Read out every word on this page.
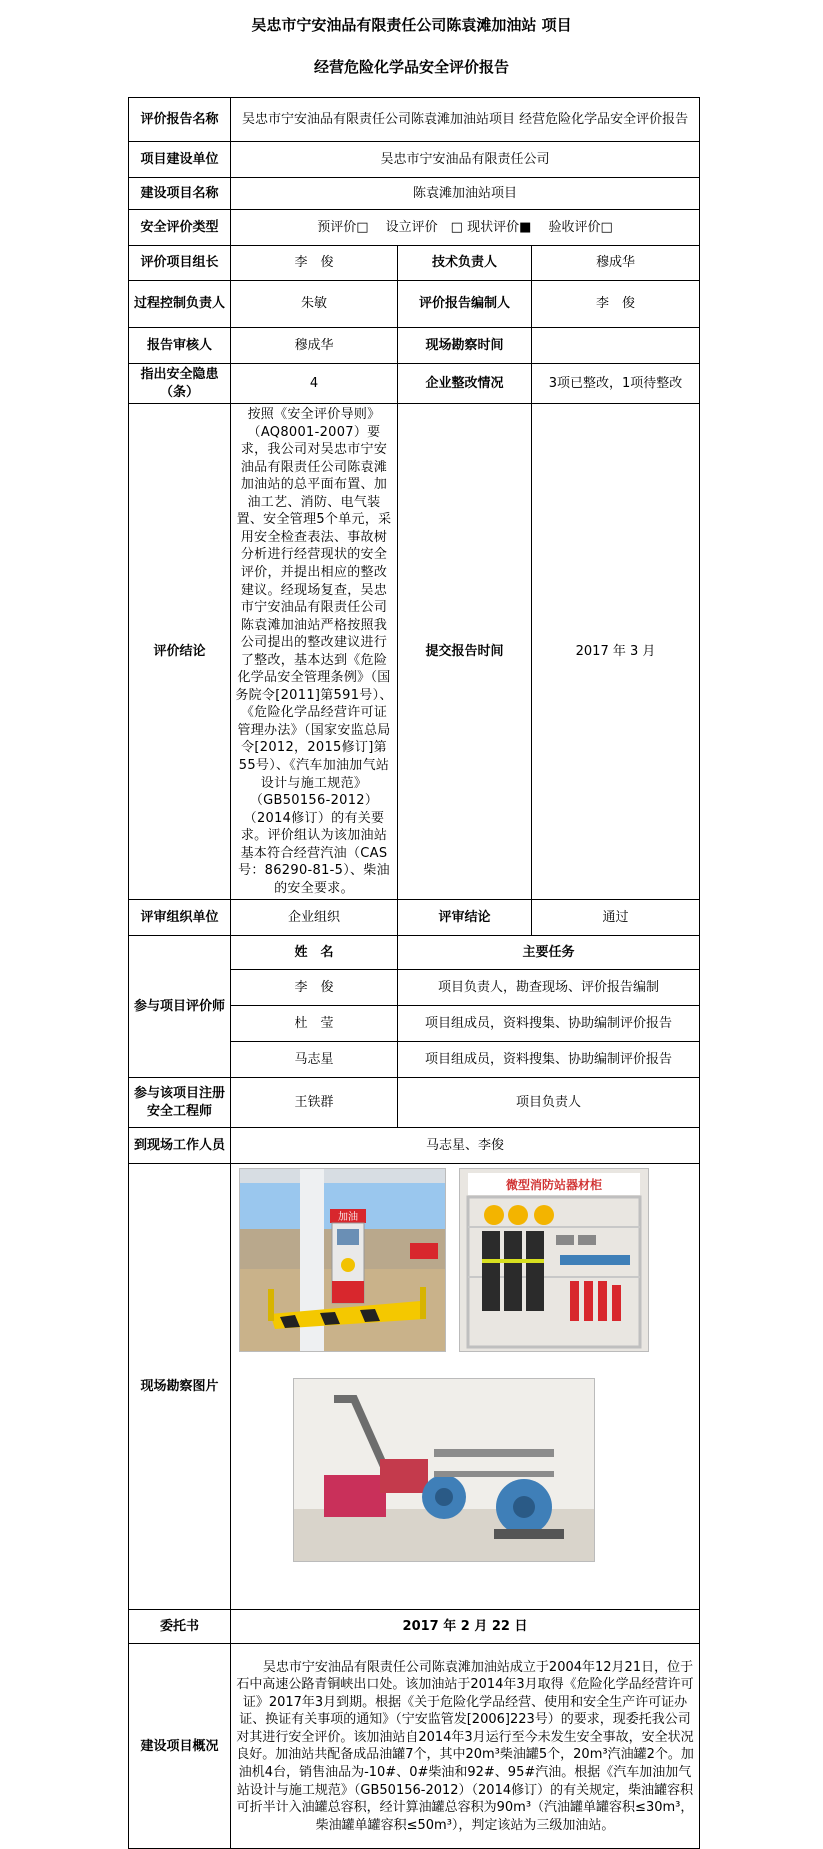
吴忠市宁安油品有限责任公司陈袁滩加油站 项目
经营危险化学品安全评价报告
评价报告名称	吴忠市宁安油品有限责任公司陈袁滩加油站项目 经营危险化学品安全评价报告		
项目建设单位	吴忠市宁安油品有限责任公司		
建设项目名称	陈袁滩加油站项目		
安全评价类型	预评价□　 设立评价　□ 现状评价■　 验收评价□		
评价项目组长	李　俊	技术负责人	穆成华
过程控制负责人	朱敏	评价报告编制人	李　俊
报告审核人	穆成华	现场勘察时间	
指出安全隐患（条）	4	企业整改情况	3项已整改，1项待整改
评价结论	按照《安全评价导则》（AQ8001-2007）要求，我公司对吴忠市宁安油品有限责任公司陈袁滩加油站的总平面布置、加油工艺、消防、电气装置、安全管理5个单元，采用安全检查表法、事故树分析进行经营现状的安全评价，并提出相应的整改建议。经现场复查，吴忠市宁安油品有限责任公司陈袁滩加油站严格按照我公司提出的整改建议进行了整改，基本达到《危险化学品安全管理条例》（国务院令[2011]第591号）、《危险化学品经营许可证管理办法》（国家安监总局令[2012，2015修订]第55号）、《汽车加油加气站设计与施工规范》（GB50156-2012）（2014修订）的有关要求。评价组认为该加油站基本符合经营汽油（CAS号：86290-81-5）、柴油的安全要求。	提交报告时间	2017 年 3 月
评审组织单位	企业组织	评审结论	通过
参与项目评价师	姓　名	主要任务	
	李　俊	项目负责人，勘查现场、评价报告编制	
	杜　莹	项目组成员，资料搜集、协助编制评价报告	
	马志星	项目组成员，资料搜集、协助编制评价报告	
参与该项目注册安全工程师	王铁群	项目负责人	
到现场工作人员	马志星、李俊		
现场勘察图片	加油
微型消防站器材柜		

委托书	2017 年 2 月 22 日		
建设项目概况	吴忠市宁安油品有限责任公司陈袁滩加油站成立于2004年12月21日，位于石中高速公路青铜峡出口处。该加油站于2014年3月取得《危险化学品经营许可证》2017年3月到期。根据《关于危险化学品经营、使用和安全生产许可证办证、换证有关事项的通知》（宁安监管发[2006]223号）的要求，现委托我公司对其进行安全评价。该加油站自2014年3月运行至今未发生安全事故，安全状况良好。加油站共配备成品油罐7个，其中20m³柴油罐5个，20m³汽油罐2个。加油机4台，销售油品为-10#、0#柴油和92#、95#汽油。根据《汽车加油加气站设计与施工规范》（GB50156-2012）（2014修订）的有关规定，柴油罐容积可折半计入油罐总容积，经计算油罐总容积为90m³（汽油罐单罐容积≤30m³，柴油罐单罐容积≤50m³），判定该站为三级加油站。		
